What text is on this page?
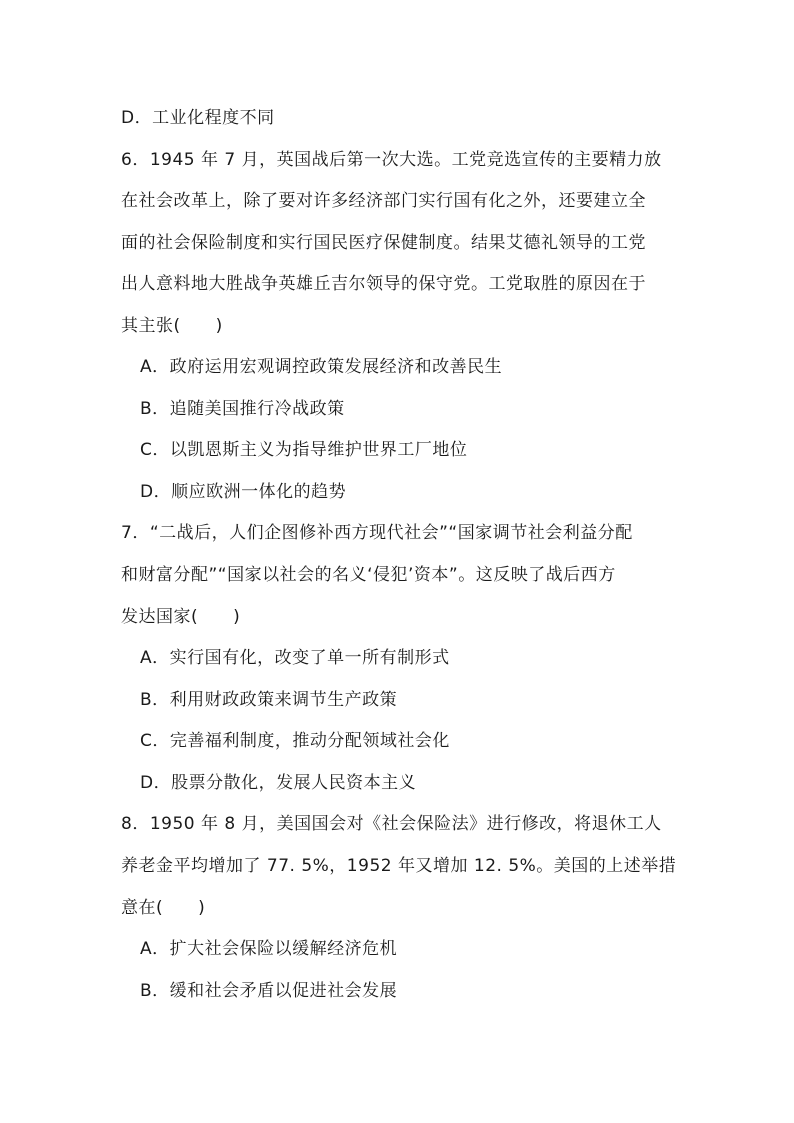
D．工业化程度不同
6．1945 年 7 月，英国战后第一次大选。工党竞选宣传的主要精力放
在社会改革上，除了要对许多经济部门实行国有化之外，还要建立全
面的社会保险制度和实行国民医疗保健制度。结果艾德礼领导的工党
出人意料地大胜战争英雄丘吉尔领导的保守党。工党取胜的原因在于
其主张(　　)
A．政府运用宏观调控政策发展经济和改善民生
B．追随美国推行冷战政策
C．以凯恩斯主义为指导维护世界工厂地位
D．顺应欧洲一体化的趋势
7．“二战后，人们企图修补西方现代社会”“国家调节社会利益分配
和财富分配”“国家以社会的名义‘侵犯’资本”。这反映了战后西方
发达国家(　　)
A．实行国有化，改变了单一所有制形式
B．利用财政政策来调节生产政策
C．完善福利制度，推动分配领域社会化
D．股票分散化，发展人民资本主义
8．1950 年 8 月，美国国会对《社会保险法》进行修改，将退休工人
养老金平均增加了 77. 5%，1952 年又增加 12. 5%。美国的上述举措
意在(　　)
A．扩大社会保险以缓解经济危机
B．缓和社会矛盾以促进社会发展
